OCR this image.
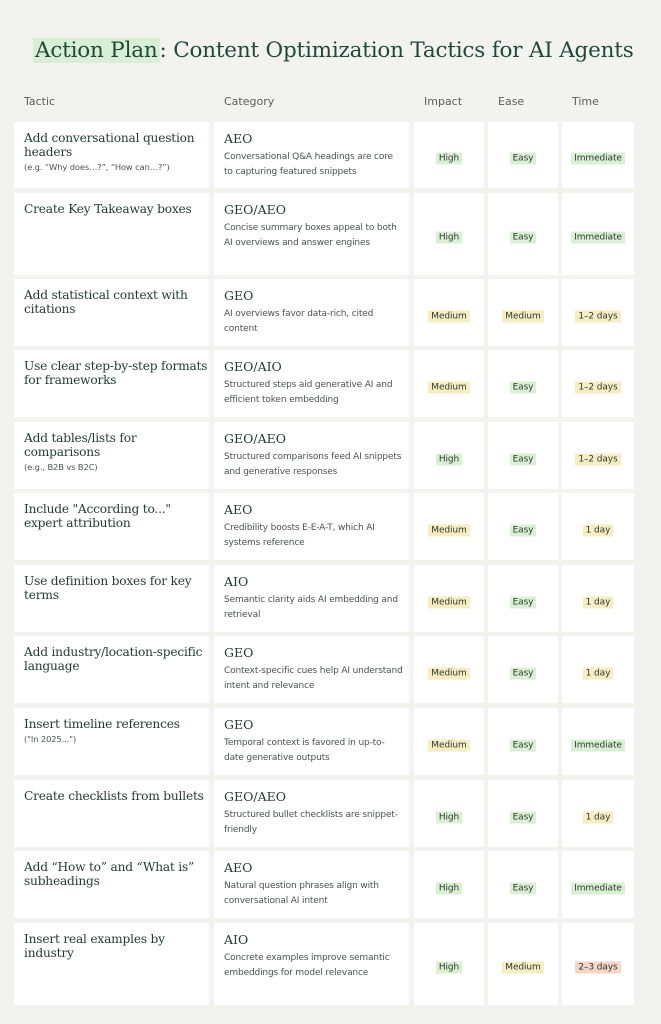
Action Plan: Content Optimization Tactics for AI Agents
Tactic	Category	Impact	Ease	Time
Add conversational question headers
(e.g. “Why does…?”, “How can…?”)
AEO
Conversational Q&A headings are core to capturing featured snippets
High	Easy	Immediate
Create Key Takeaway boxes	GEO/AEO
Concise summary boxes appeal to both AI overviews and answer engines
High	Easy	Immediate
Add statistical context with citations
GEO
AI overviews favor data-rich, cited content
Medium	Medium	1–2 days
Use clear step-by-step formats for frameworks
GEO/AIO
Structured steps aid generative AI and efficient token embedding
Medium	Easy	1–2 days
Add tables/lists for comparisons
(e.g., B2B vs B2C)
GEO/AEO
Structured comparisons feed AI snippets and generative responses
High	Easy	1–2 days
Include "According to..." expert attribution
AEO
Credibility boosts E-E-A-T, which AI systems reference
Medium	Easy	1 day
Use definition boxes for key terms
AIO
Semantic clarity aids AI embedding and retrieval
Medium	Easy	1 day
Add industry/location-specific language
GEO
Context-specific cues help AI understand intent and relevance
Medium	Easy	1 day
Insert timeline references
("In 2025...")
GEO
Temporal context is favored in up-to-date generative outputs
Medium	Easy	Immediate
Create checklists from bullets	GEO/AEO
Structured bullet checklists are snippet-friendly
High	Easy	1 day
Add “How to” and “What is” subheadings
AEO
Natural question phrases align with conversational AI intent
High	Easy	Immediate
Insert real examples by industry
AIO
Concrete examples improve semantic embeddings for model relevance
High	Medium	2–3 days
